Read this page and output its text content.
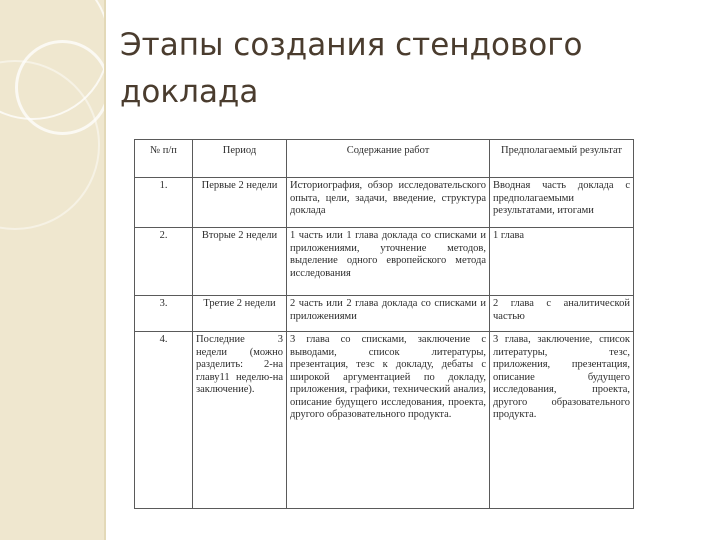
Этапы создания стендового
доклада
№ п/п	Период	Содержание работ	Предполагаемый результат
1.	Первые 2 недели	Историография, обзор исследовательского опыта, цели, задачи, введение, структура доклада	Вводная часть доклада с предполагаемыми результатами, итогами
2.	Вторые 2 недели	1 часть или 1 глава доклада со списками и приложениями, уточнение методов, выделение одного европейского метода исследования	1 глава
3.	Третие 2 недели	2 часть или 2 глава доклада со списками и приложениями	2 глава с аналитической частью
4.	Последние 3 недели (можно разделить: 2-на главу11 неделю-на заключение).	3 глава со списками, заключение с выводами, список литературы, презентация, тезс к докладу, дебаты с широкой аргументацией по докладу, приложения, графики, технический анализ, описание будущего исследования, проекта, другого образовательного продукта.	3 глава, заключение, список литературы, тезс, приложения, презентация, описание будущего исследования, проекта, другого образовательного продукта.
